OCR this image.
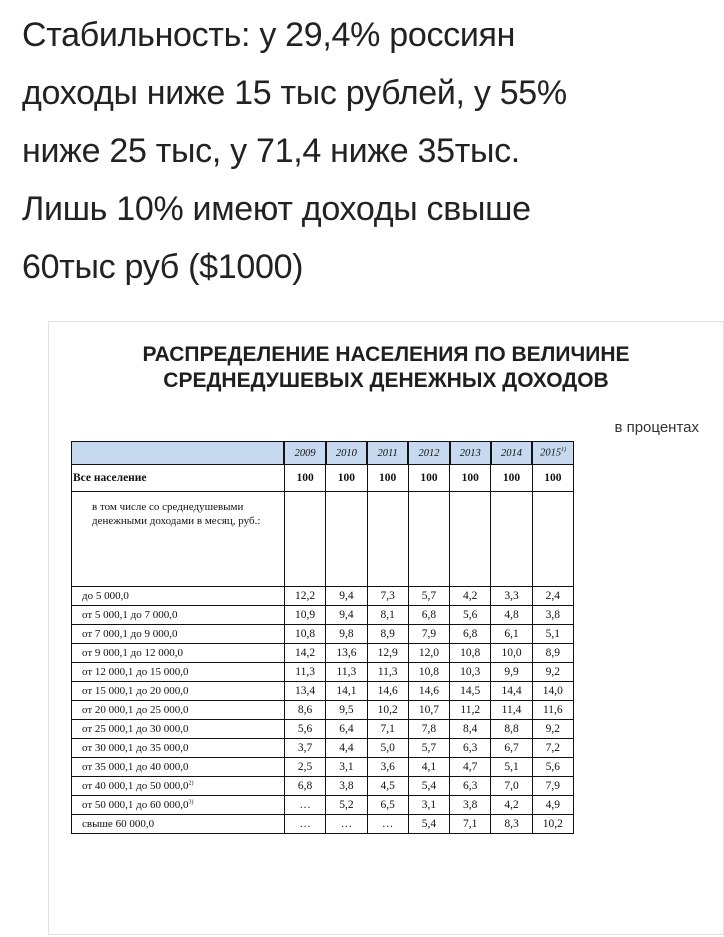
Стабильность: у 29,4% россиян
доходы ниже 15 тыс рублей, у 55%
ниже 25 тыс, у 71,4 ниже 35тыс.
Лишь 10% имеют доходы свыше
60тыс руб ($1000)
РАСПРЕДЕЛЕНИЕ НАСЕЛЕНИЯ ПО ВЕЛИЧИНЕ
СРЕДНЕДУШЕВЫХ ДЕНЕЖНЫХ ДОХОДОВ
в процентах
	2009	2010	2011	2012	2013	2014	2015$^{1)}$
Все население	100	100	100	100	100	100	100
в том числе со среднедушевыми денежными доходами в месяц, руб.:							
до 5 000,0	12,2	9,4	7,3	5,7	4,2	3,3	2,4
от 5 000,1 до 7 000,0	10,9	9,4	8,1	6,8	5,6	4,8	3,8
от 7 000,1 до 9 000,0	10,8	9,8	8,9	7,9	6,8	6,1	5,1
от 9 000,1 до 12 000,0	14,2	13,6	12,9	12,0	10,8	10,0	8,9
от 12 000,1 до 15 000,0	11,3	11,3	11,3	10,8	10,3	9,9	9,2
от 15 000,1 до 20 000,0	13,4	14,1	14,6	14,6	14,5	14,4	14,0
от 20 000,1 до 25 000,0	8,6	9,5	10,2	10,7	11,2	11,4	11,6
от 25 000,1 до 30 000,0	5,6	6,4	7,1	7,8	8,4	8,8	9,2
от 30 000,1 до 35 000,0	3,7	4,4	5,0	5,7	6,3	6,7	7,2
от 35 000,1 до 40 000,0	2,5	3,1	3,6	4,1	4,7	5,1	5,6
от 40 000,1 до 50 000,0$^{2)}$	6,8	3,8	4,5	5,4	6,3	7,0	7,9
от 50 000,1 до 60 000,0$^{3)}$	…	5,2	6,5	3,1	3,8	4,2	4,9
свыше 60 000,0	…	…	…	5,4	7,1	8,3	10,2
